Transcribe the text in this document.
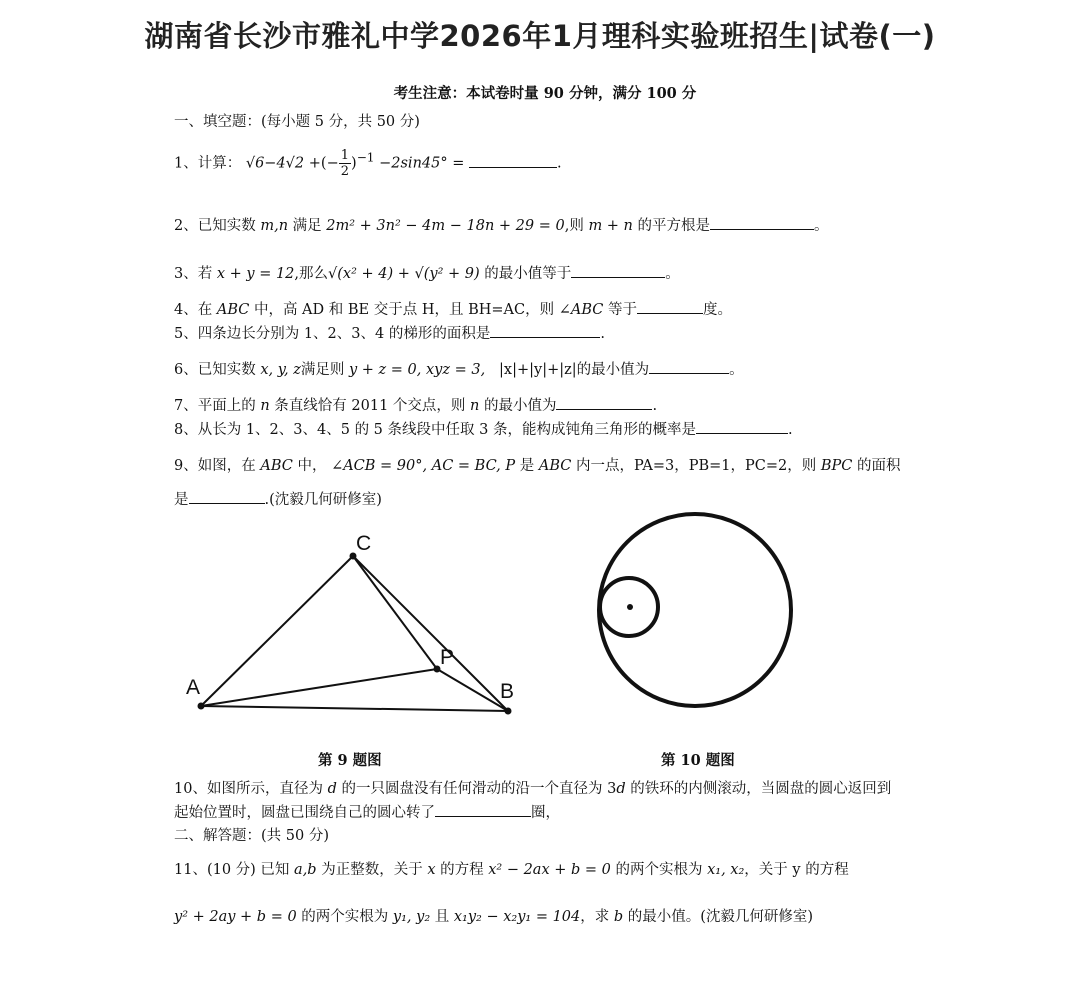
湖南省长沙市雅礼中学2026年1月理科实验班招生|试卷(一)
考生注意：本试卷时量 90 分钟，满分 100 分
一、填空题：(每小题 5 分，共 50 分)
1、计算： √6−4√2 +(− $\frac{1}{2} )^{-1} -2\sin 45^\circ$ =	.
2、已知实数 m,n 满足 2m² + 3n² − 4m − 18n + 29 = 0,则 m + n 的平方根是	。
3、若 x + y = 12,那么√(x² + 4) + √(y² + 9) 的最小值等于	。
4、在 ABC 中，高 AD 和 BE 交于点 H，且 BH=AC，则 ∠ABC 等于	度。
5、四条边长分别为 1、2、3、4 的梯形的面积是	.
6、已知实数 x, y, z满足则 y + z = 0, xyz = 3, |x|+|y|+|z|的最小值为	。
7、平面上的 n 条直线恰有 2011 个交点，则 n 的最小值为	.
8、从长为 1、2、3、4、5 的 5 条线段中任取 3 条，能构成钝角三角形的概率是	.
9、如图，在 ABC 中， ∠ACB = 90°, AC = BC, P 是 ABC 内一点，PA=3，PB=1，PC=2，则 BPC 的面积
是	.(沈毅几何研修室)
A	B
C
P
第 9 题图	第 10 题图
10、如图所示，直径为 d 的一只圆盘没有任何滑动的沿一个直径为 3d 的铁环的内侧滚动，当圆盘的圆心返回到
起始位置时，圆盘已围绕自己的圆心转了	圈，
二、解答题：(共 50 分)
11、(10 分) 已知 a,b 为正整数，关于 x 的方程 x² − 2ax + b = 0 的两个实根为 x₁, x₂，关于 y 的方程
y² + 2ay + b = 0 的两个实根为 y₁, y₂ 且 x₁y₂ − x₂y₁ = 104，求 b 的最小值。(沈毅几何研修室)
